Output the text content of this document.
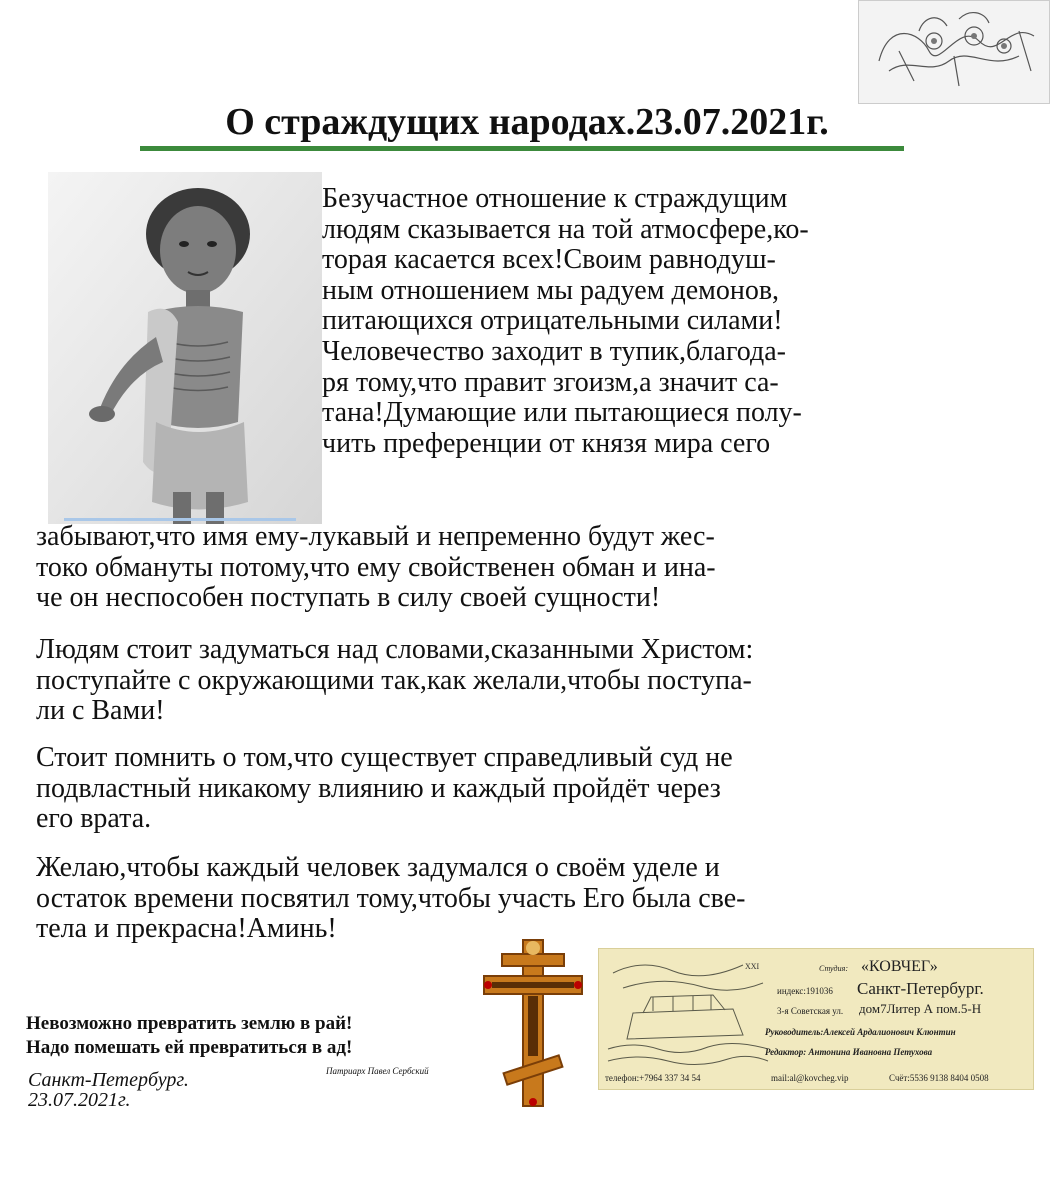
О страждущих народах.23.07.2021г.
Безучастное отношение к страждущим
людям сказывается на той атмосфере,ко-
торая касается всех!Своим равнодуш-
ным отношением мы радуем демонов,
питающихся отрицательными силами!
Человечество заходит в тупик,благода-
ря тому,что правит згоизм,а значит са-
тана!Думающие или пытающиеся полу-
чить преференции от князя мира сего
забывают,что имя ему-лукавый и непременно будут жес-
токо обмануты потому,что ему свойственен обман и ина-
че он неспособен поступать в силу своей сущности!
Людям стоит задуматься над словами,сказанными Христом:
поступайте с окружающими так,как желали,чтобы поступа-
ли с Вами!
Стоит помнить о том,что существует справедливый суд не
подвластный никакому влиянию и каждый пройдёт через
его врата.
Желаю,чтобы каждый человек задумался о своём уделе и
остаток времени посвятил тому,чтобы участь Его была све-
тела и прекрасна!Аминь!
XXI	Студия: «КОВЧЕГ»
индекс:191036 Санкт-Петербург.
3-я Советская ул. дом7Литер А пом.5-Н
Руководитель:Алексей Ардалионович Клюнтин
Редактор: Антонина Ивановна Петухова
телефон:+7964 337 34 54	mail:al@kovcheg.vip	Счёт:5536 9138 8404 0508
Невозможно превратить землю в рай!
Надо помешать ей превратиться в ад!
Патриарх Павел Сербский
Санкт-Петербург.
23.07.2021г.
